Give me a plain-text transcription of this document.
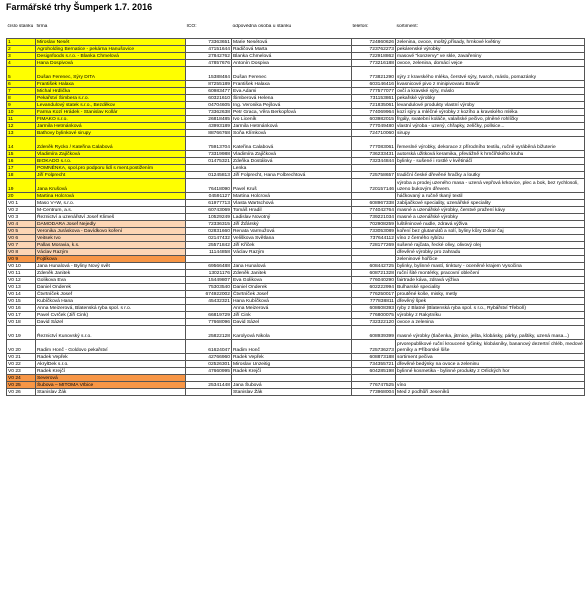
Farmářské trhy Šumperk 1.7. 2016
číslo stánku	firma	IČO:	odpovědná osoba u stánku	telefon:	sortiment:
1	Miroslav Nesét	73363651	Marie Nesétová	724860626	zelenina, ovoce, moštý,přísady, hrnkové květiny
2	Agroholding Bernatice - pekárna Hanušovice	47151644	Radičová Marta	723762273	pekárenské výrobky
3	Designfoods s.r.o. - Blanka Chmelová	27842762	Blanka Chmelová	722918862	masové "konzervy" ve skle, zavařeniny
4	Hana Dospivová	47857676	Antonín Dospiva	773216188	ovoce, zelenina, domácí vejce
5	Dušan Ferenec, Sýry DITA	15388484	Dušan Ferenec	773821290	sýry z kravského mléka, čerstvé sýry, tvaroh, máslo, pomazánky
6	František Halaxa	87255189	František Halaxa	603146416	kvasnicové pivo z minipivovaru Bravůr
7	Michal Hrdlička	60983477	Eva Adami	777577077	ovčí a kravské sýry, máslo
8	Pekařství Šimbera s.r.o.	60321610	Šimberová Helena	731153861	pekařské výrobky
9	Levandulový statek s.r.o., Bezděkov	04704605	Ing. Veronika Pejšová	721835061	levandulové produkty vlastní výroby
10	Farma Kozí Hrádek - Stanislav Kollár	73362638	Petr Graca, Věra Berkopfová	774069964	kozí sýry a mléčné výrobky z kozího a kravského mléka
11	FIMAKO s.r.o.	26818485	Ivo Liceník	603982015	frgály, svatební koláče, valašské pečivo, plněné rohlíčky
12	Jarmila Hetmánková	43993189	Jarmila Hetmánková	777049480	vlastní výroba - uzený, chřapky, zelíčky, pollsice...
13	Bathovy bylinkové sirupy	88766768	Soňa Klímková	724710060	sirupy
14	Zdeněk Rycko / Kateřina Calabová	75913704	Kateřina Calabová	777083061	řemeslné výrobky, dekorace z přírodního textilu, ručně vyráběná bižuterie
15	Vladimíra Zajíčková	73319988	Vladimíra Zajíčková	736233431	autorská užitková keramika, převážně k hrnčířského kruhu
16	BIOKADO s.r.o.	01475321	Zdeňka Dostálová	732344844	bylinky - sušené i rostlé v květináčí
17	POMNĚNKA, spol.pro podporu lidí s ment.postižením		Lenka		
18	Jiří Folprecht	01245813	Jiří Folprecht, Hana Folbrechtová	725758657	tradiční české dřevěné hračky a loutky
19	Jana Krušová	76418090	Pavel Kruš	720157146	výroba a prodej uzeného masa - uzená vepřová krkovice, plec a bok, bez rychlosoli, uzeno bukovým dřevem.
20	Martina Holcrová	04591127	Martina Holcrová		háčkovaný a ručně tkaný textil
V0 1	Maso V+W, s.r.o.	61977713	Vlasta Wartschová	608967338	zabíjačkové speciality, uzenářské speciality
V0 2	M-Centrum, a.s.	60743069	Tomáš Hradil	774042764	masné a uzenářské výrobky, čerstvé pražení kávy
V0 3	Řeznictví a uzenářství Josef Klimeš	10529249	Ladislav Novotný	739221034	masné a uzenářské výrobky
V0 4	DAMODARA Josef Nejedly	72336315	Jiří Žďárský	702908259	luštěninové nudle, zdravá výživa
V0 5	Veronika Juráskova - Davídkovo koření	02831660	Renata Varmužová	733053089	koření bez glutamátů a solí, byliny kůry Dokor čaj
V0 6	Veitsek Ivo	02147432	Veliškova Světlana	737644112	víno z černého rybízu
V0 7	Pallas Moravia, k.s.	25571842	Jiří Křiček	728177269	sušené rajčata, řecké olivy, olivový olej
V0 8	Václav Razým	11144858	Václav Razým		dřevěné výrobky pro zahradu
V0 9	Fojtíkova				zeleninové hořčice
V0 10	Jana Hunalová - Byliny Nový svět	69566488	Jana Hunalová	608442725	bylinky, bylinné mastí, tinktury - oceněné krajem Vysočina
V0 11	Zdeněk Janitek	13021176	Zdeněk Janitek	608721328	ruční šité montérky, pracovní oblečení
V0 12	Golikova Eva	15449807	Eva Golikova	776040290	fairtrade káva, zdravá výživa
V0 13	Daniel Onderek	75303540	Daniel Onderek	602222994	Bulharské speciality
V0 14	Čtvrtníček Josef	674922002	Čtvrtníček Josef	776250017	proutěné koše, misky, metly
V0 15	Kubíčková Hana	45432321	Hana Kubíčková	777838811	dřevěný špek
V0 16	Anna Meizerová, Blatenská ryba spol. s r.o.		Anna Meizerová	608608393	ryby z Blatné (Blatenská ryba spol. s r.o., Rybářství Třeboň)
V0 17	Pavel Cvrček (Jiří Cink)	66819729	Jiří Cink	776800075	výrobky z Rakytníku
V0 18	David Sázel	77668096	David Sázel	732322120	ovoce a zelenina
V0 19	Řeznictví Kunovský s.r.o.	25822128	Karolyová Nikola	608939399	masné výrobky (tlačenka, jitrnice, jelita, klobásky, párky, paštiky, uzená masa...)
V0 20	Radim Honč - Goldovo pekařství	61624047	Radim Honč	725736273	prvorepublikové ruční kroucené tyčinky, klobásníky, bananový dezertní chléb, medové perníky a Příborské šiše
V0 21	Radek Vepřek	42766960	Radek Vepřek	608873188	sortiment pečiva
V0 22	AkrylDek s.r.o.	02526301	Miroslav Unzeitig	734355721	dřevěné bedýnky na ovoce a zeleninu
V0 23	Radek Krejčí	47660995	Radek Krejčí	604285198	bylinné kosmetika - bylinné produkty z Orlických hor
V0 24	Severová				
V0 25	Šubova – MITOMA Vrbice	25341448	Jana Šubová	776747525	víno
V0 26	Stanislav Žák		Stanislav Žák	773968004	Med z podhůří Jeseníků
